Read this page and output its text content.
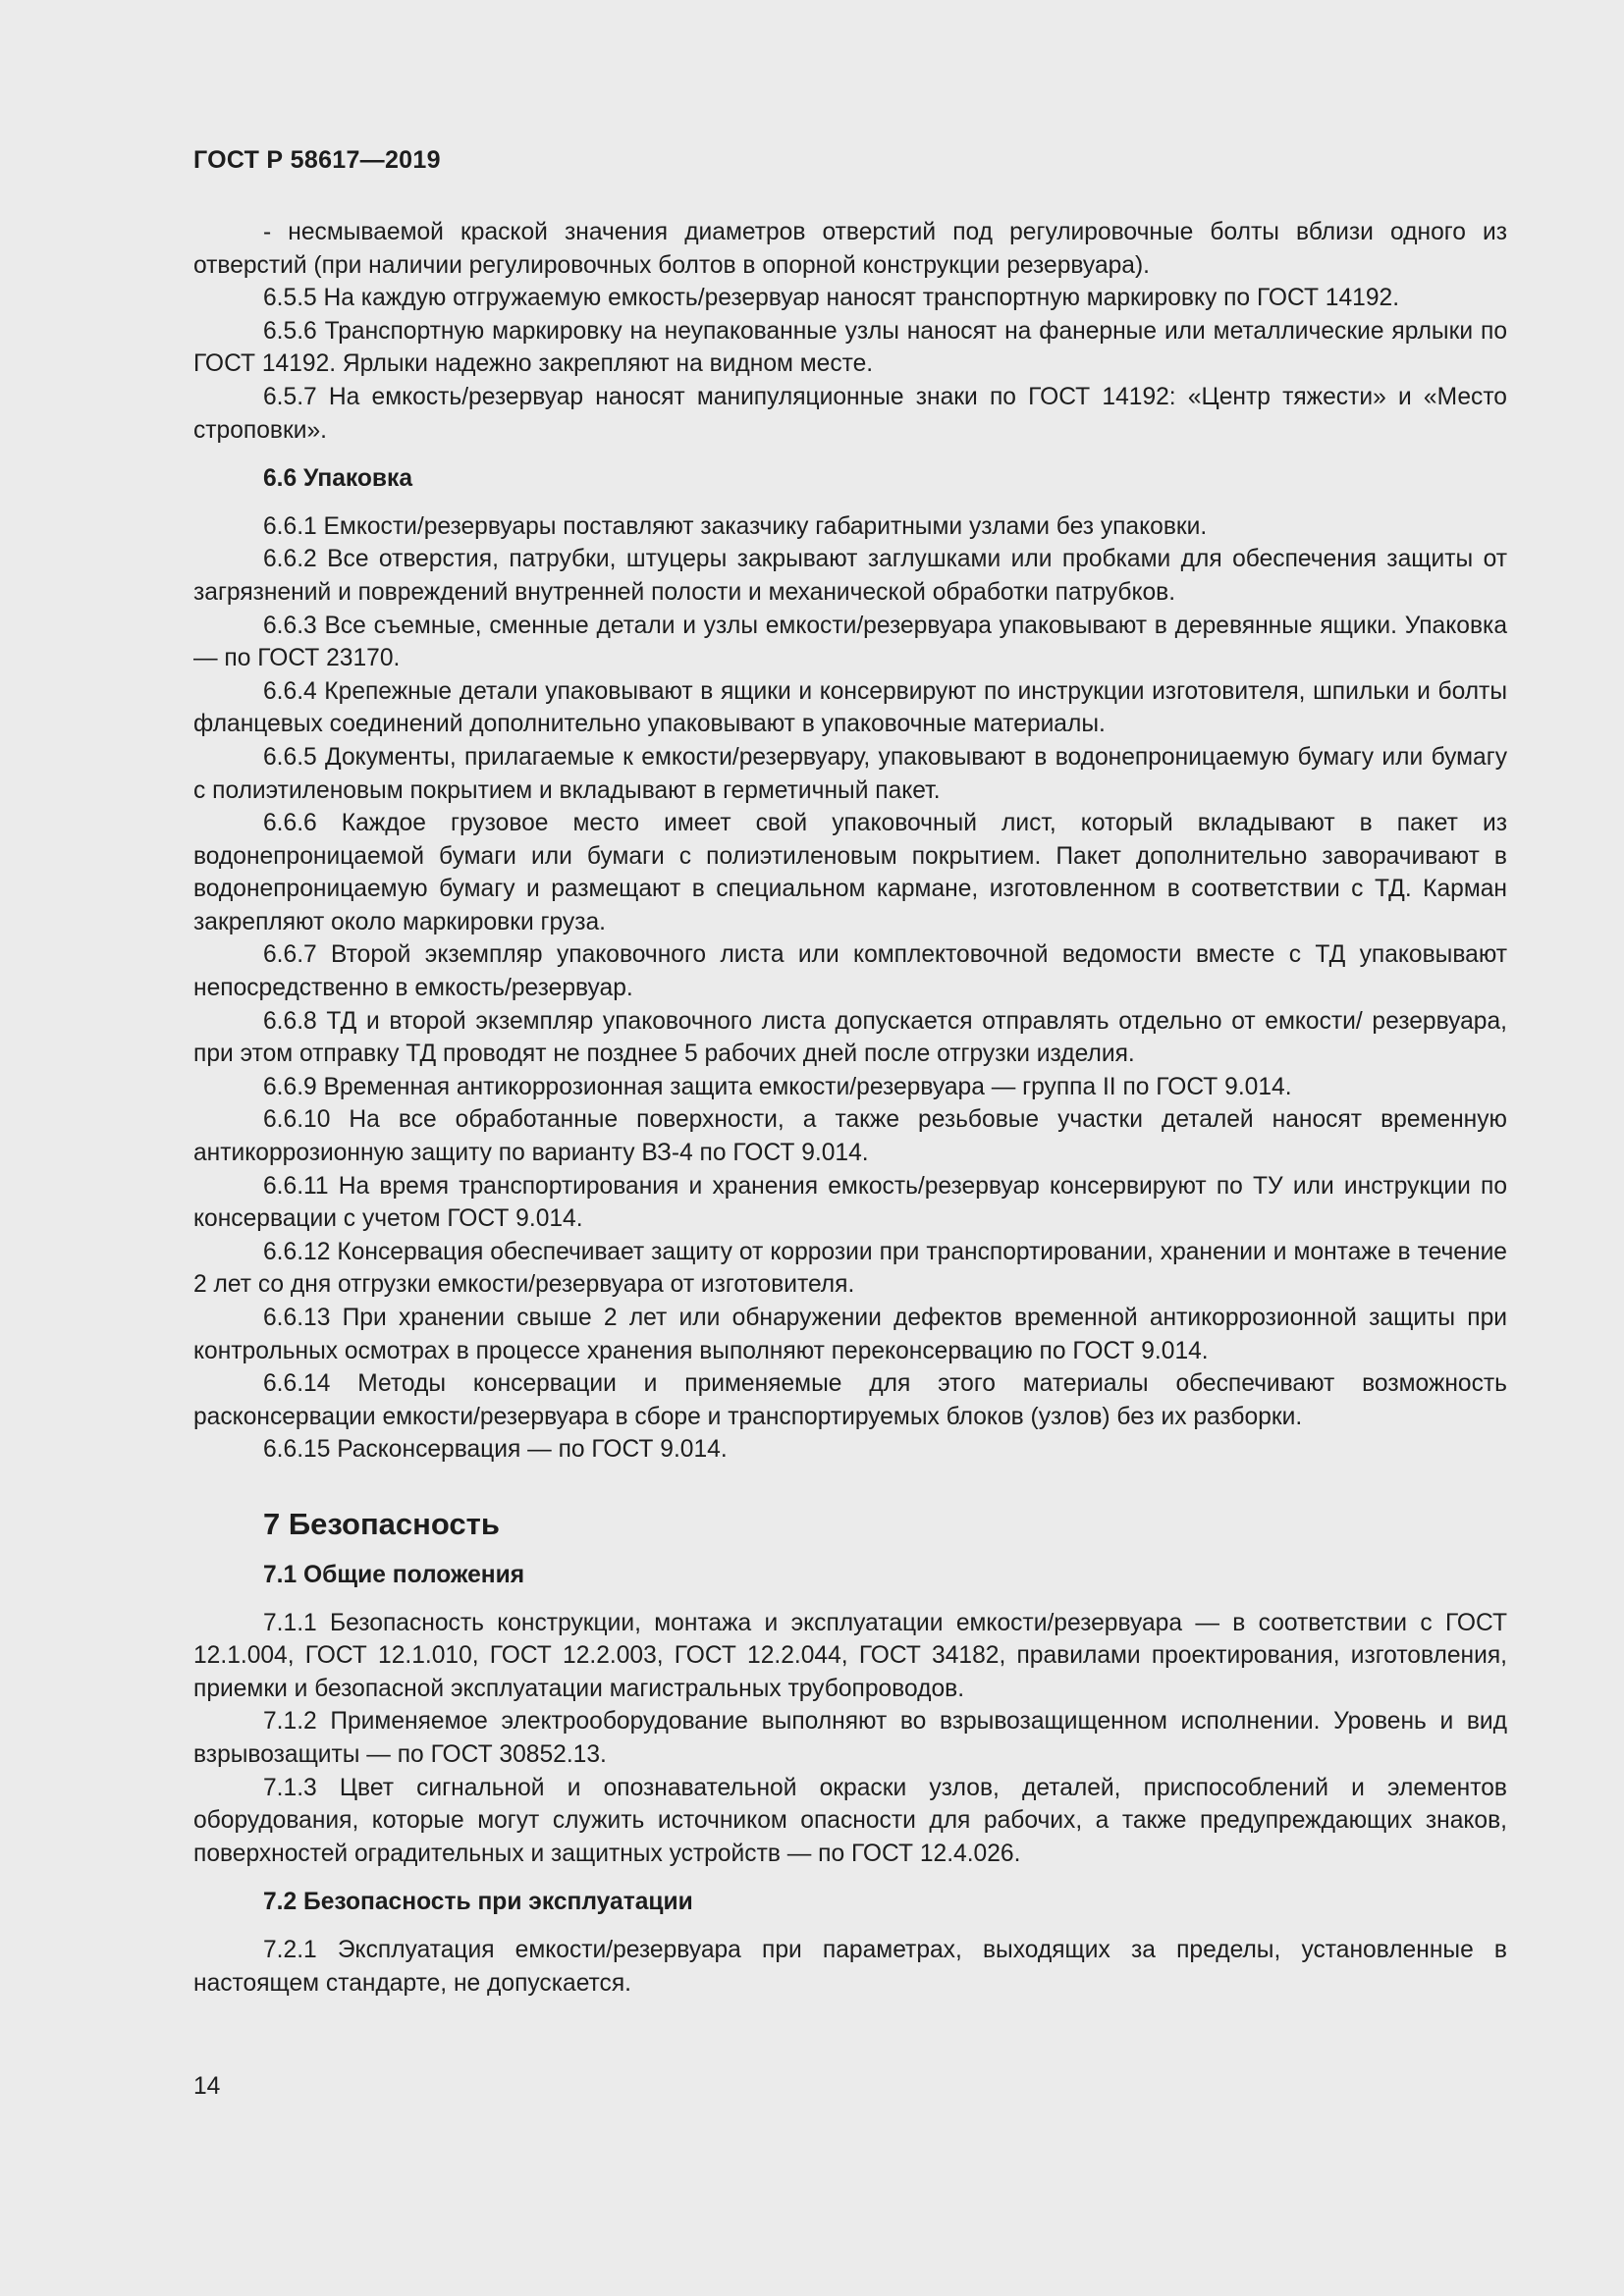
ГОСТ Р 58617—2019

- несмываемой краской значения диаметров отверстий под регулировочные болты вблизи одного из отверстий (при наличии регулировочных болтов в опорной конструкции резервуара).

6.5.5 На каждую отгружаемую емкость/резервуар наносят транспортную маркировку по ГОСТ 14192.

6.5.6 Транспортную маркировку на неупакованные узлы наносят на фанерные или металлические ярлыки по ГОСТ 14192. Ярлыки надежно закрепляют на видном месте.

6.5.7 На емкость/резервуар наносят манипуляционные знаки по ГОСТ 14192: «Центр тяжести» и «Место строповки».

6.6 Упаковка

6.6.1 Емкости/резервуары поставляют заказчику габаритными узлами без упаковки.

6.6.2 Все отверстия, патрубки, штуцеры закрывают заглушками или пробками для обеспечения защиты от загрязнений и повреждений внутренней полости и механической обработки патрубков.

6.6.3 Все съемные, сменные детали и узлы емкости/резервуара упаковывают в деревянные ящики. Упаковка — по ГОСТ 23170.

6.6.4 Крепежные детали упаковывают в ящики и консервируют по инструкции изготовителя, шпильки и болты фланцевых соединений дополнительно упаковывают в упаковочные материалы.

6.6.5 Документы, прилагаемые к емкости/резервуару, упаковывают в водонепроницаемую бумагу или бумагу с полиэтиленовым покрытием и вкладывают в герметичный пакет.

6.6.6 Каждое грузовое место имеет свой упаковочный лист, который вкладывают в пакет из водонепроницаемой бумаги или бумаги с полиэтиленовым покрытием. Пакет дополнительно заворачивают в водонепроницаемую бумагу и размещают в специальном кармане, изготовленном в соответствии с ТД. Карман закрепляют около маркировки груза.

6.6.7 Второй экземпляр упаковочного листа или комплектовочной ведомости вместе с ТД упаковывают непосредственно в емкость/резервуар.

6.6.8 ТД и второй экземпляр упаковочного листа допускается отправлять отдельно от емкости/ резервуара, при этом отправку ТД проводят не позднее 5 рабочих дней после отгрузки изделия.

6.6.9 Временная антикоррозионная защита емкости/резервуара — группа II по ГОСТ 9.014.

6.6.10 На все обработанные поверхности, а также резьбовые участки деталей наносят временную антикоррозионную защиту по варианту ВЗ-4 по ГОСТ 9.014.

6.6.11 На время транспортирования и хранения емкость/резервуар консервируют по ТУ или инструкции по консервации с учетом ГОСТ 9.014.

6.6.12 Консервация обеспечивает защиту от коррозии при транспортировании, хранении и монтаже в течение 2 лет со дня отгрузки емкости/резервуара от изготовителя.

6.6.13 При хранении свыше 2 лет или обнаружении дефектов временной антикоррозионной защиты при контрольных осмотрах в процессе хранения выполняют переконсервацию по ГОСТ 9.014.

6.6.14 Методы консервации и применяемые для этого материалы обеспечивают возможность расконсервации емкости/резервуара в сборе и транспортируемых блоков (узлов) без их разборки.

6.6.15 Расконсервация — по ГОСТ 9.014.

7 Безопасность
7.1 Общие положения

7.1.1 Безопасность конструкции, монтажа и эксплуатации емкости/резервуара — в соответствии с ГОСТ 12.1.004, ГОСТ 12.1.010, ГОСТ 12.2.003, ГОСТ 12.2.044, ГОСТ 34182, правилами проектирования, изготовления, приемки и безопасной эксплуатации магистральных трубопроводов.

7.1.2 Применяемое электрооборудование выполняют во взрывозащищенном исполнении. Уровень и вид взрывозащиты — по ГОСТ 30852.13.

7.1.3 Цвет сигнальной и опознавательной окраски узлов, деталей, приспособлений и элементов оборудования, которые могут служить источником опасности для рабочих, а также предупреждающих знаков, поверхностей оградительных и защитных устройств — по ГОСТ 12.4.026.

7.2 Безопасность при эксплуатации

7.2.1 Эксплуатация емкости/резервуара при параметрах, выходящих за пределы, установленные в настоящем стандарте, не допускается.

14
